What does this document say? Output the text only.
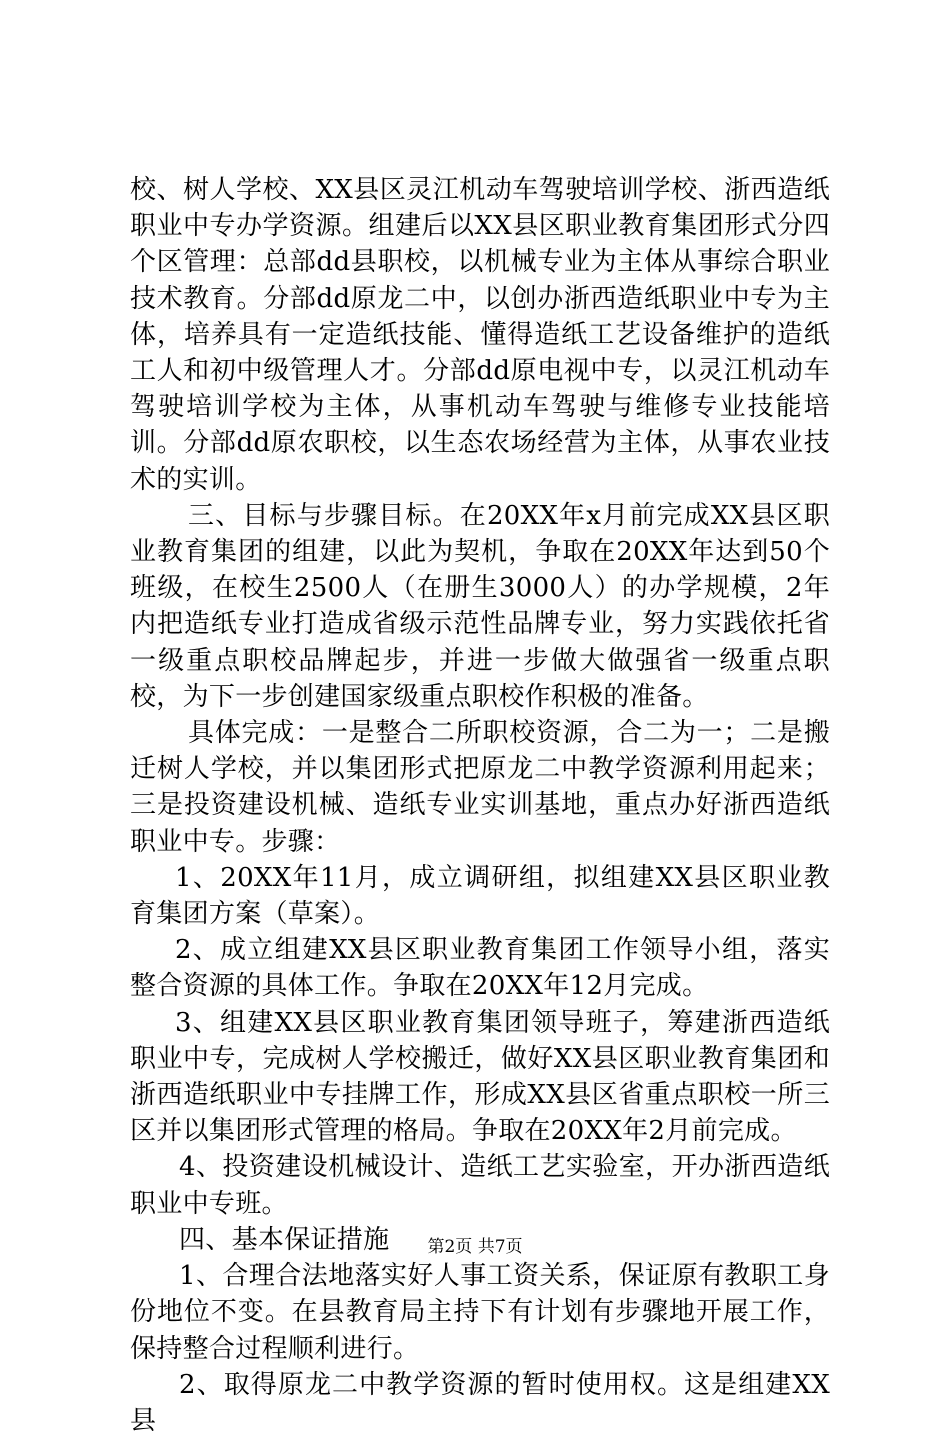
校、树人学校、XX县区灵江机动车驾驶培训学校、浙西造纸职业中专办学资源。组建后以XX县区职业教育集团形式分四个区管理：总部dd县职校，以机械专业为主体从事综合职业技术教育。分部dd原龙二中，以创办浙西造纸职业中专为主体，培养具有一定造纸技能、懂得造纸工艺设备维护的造纸工人和初中级管理人才。分部dd原电视中专，以灵江机动车驾驶培训学校为主体，从事机动车驾驶与维修专业技能培训。分部dd原农职校，以生态农场经营为主体，从事农业技术的实训。

三、目标与步骤目标。在20XX年x月前完成XX县区职业教育集团的组建，以此为契机，争取在20XX年达到50个班级，在校生2500人（在册生3000人）的办学规模，2年内把造纸专业打造成省级示范性品牌专业，努力实践依托省一级重点职校品牌起步，并进一步做大做强省一级重点职校，为下一步创建国家级重点职校作积极的准备。

具体完成：一是整合二所职校资源，合二为一；二是搬迁树人学校，并以集团形式把原龙二中教学资源利用起来；三是投资建设机械、造纸专业实训基地，重点办好浙西造纸职业中专。步骤：

1、20XX年11月，成立调研组，拟组建XX县区职业教育集团方案（草案）。

2、成立组建XX县区职业教育集团工作领导小组，落实整合资源的具体工作。争取在20XX年12月完成。

3、组建XX县区职业教育集团领导班子，筹建浙西造纸职业中专，完成树人学校搬迁，做好XX县区职业教育集团和浙西造纸职业中专挂牌工作，形成XX县区省重点职校一所三区并以集团形式管理的格局。争取在20XX年2月前完成。

4、投资建设机械设计、造纸工艺实验室，开办浙西造纸职业中专班。

四、基本保证措施

1、合理合法地落实好人事工资关系，保证原有教职工身份地位不变。在县教育局主持下有计划有步骤地开展工作，保持整合过程顺利进行。

2、取得原龙二中教学资源的暂时使用权。这是组建XX县

第2页 共7页
